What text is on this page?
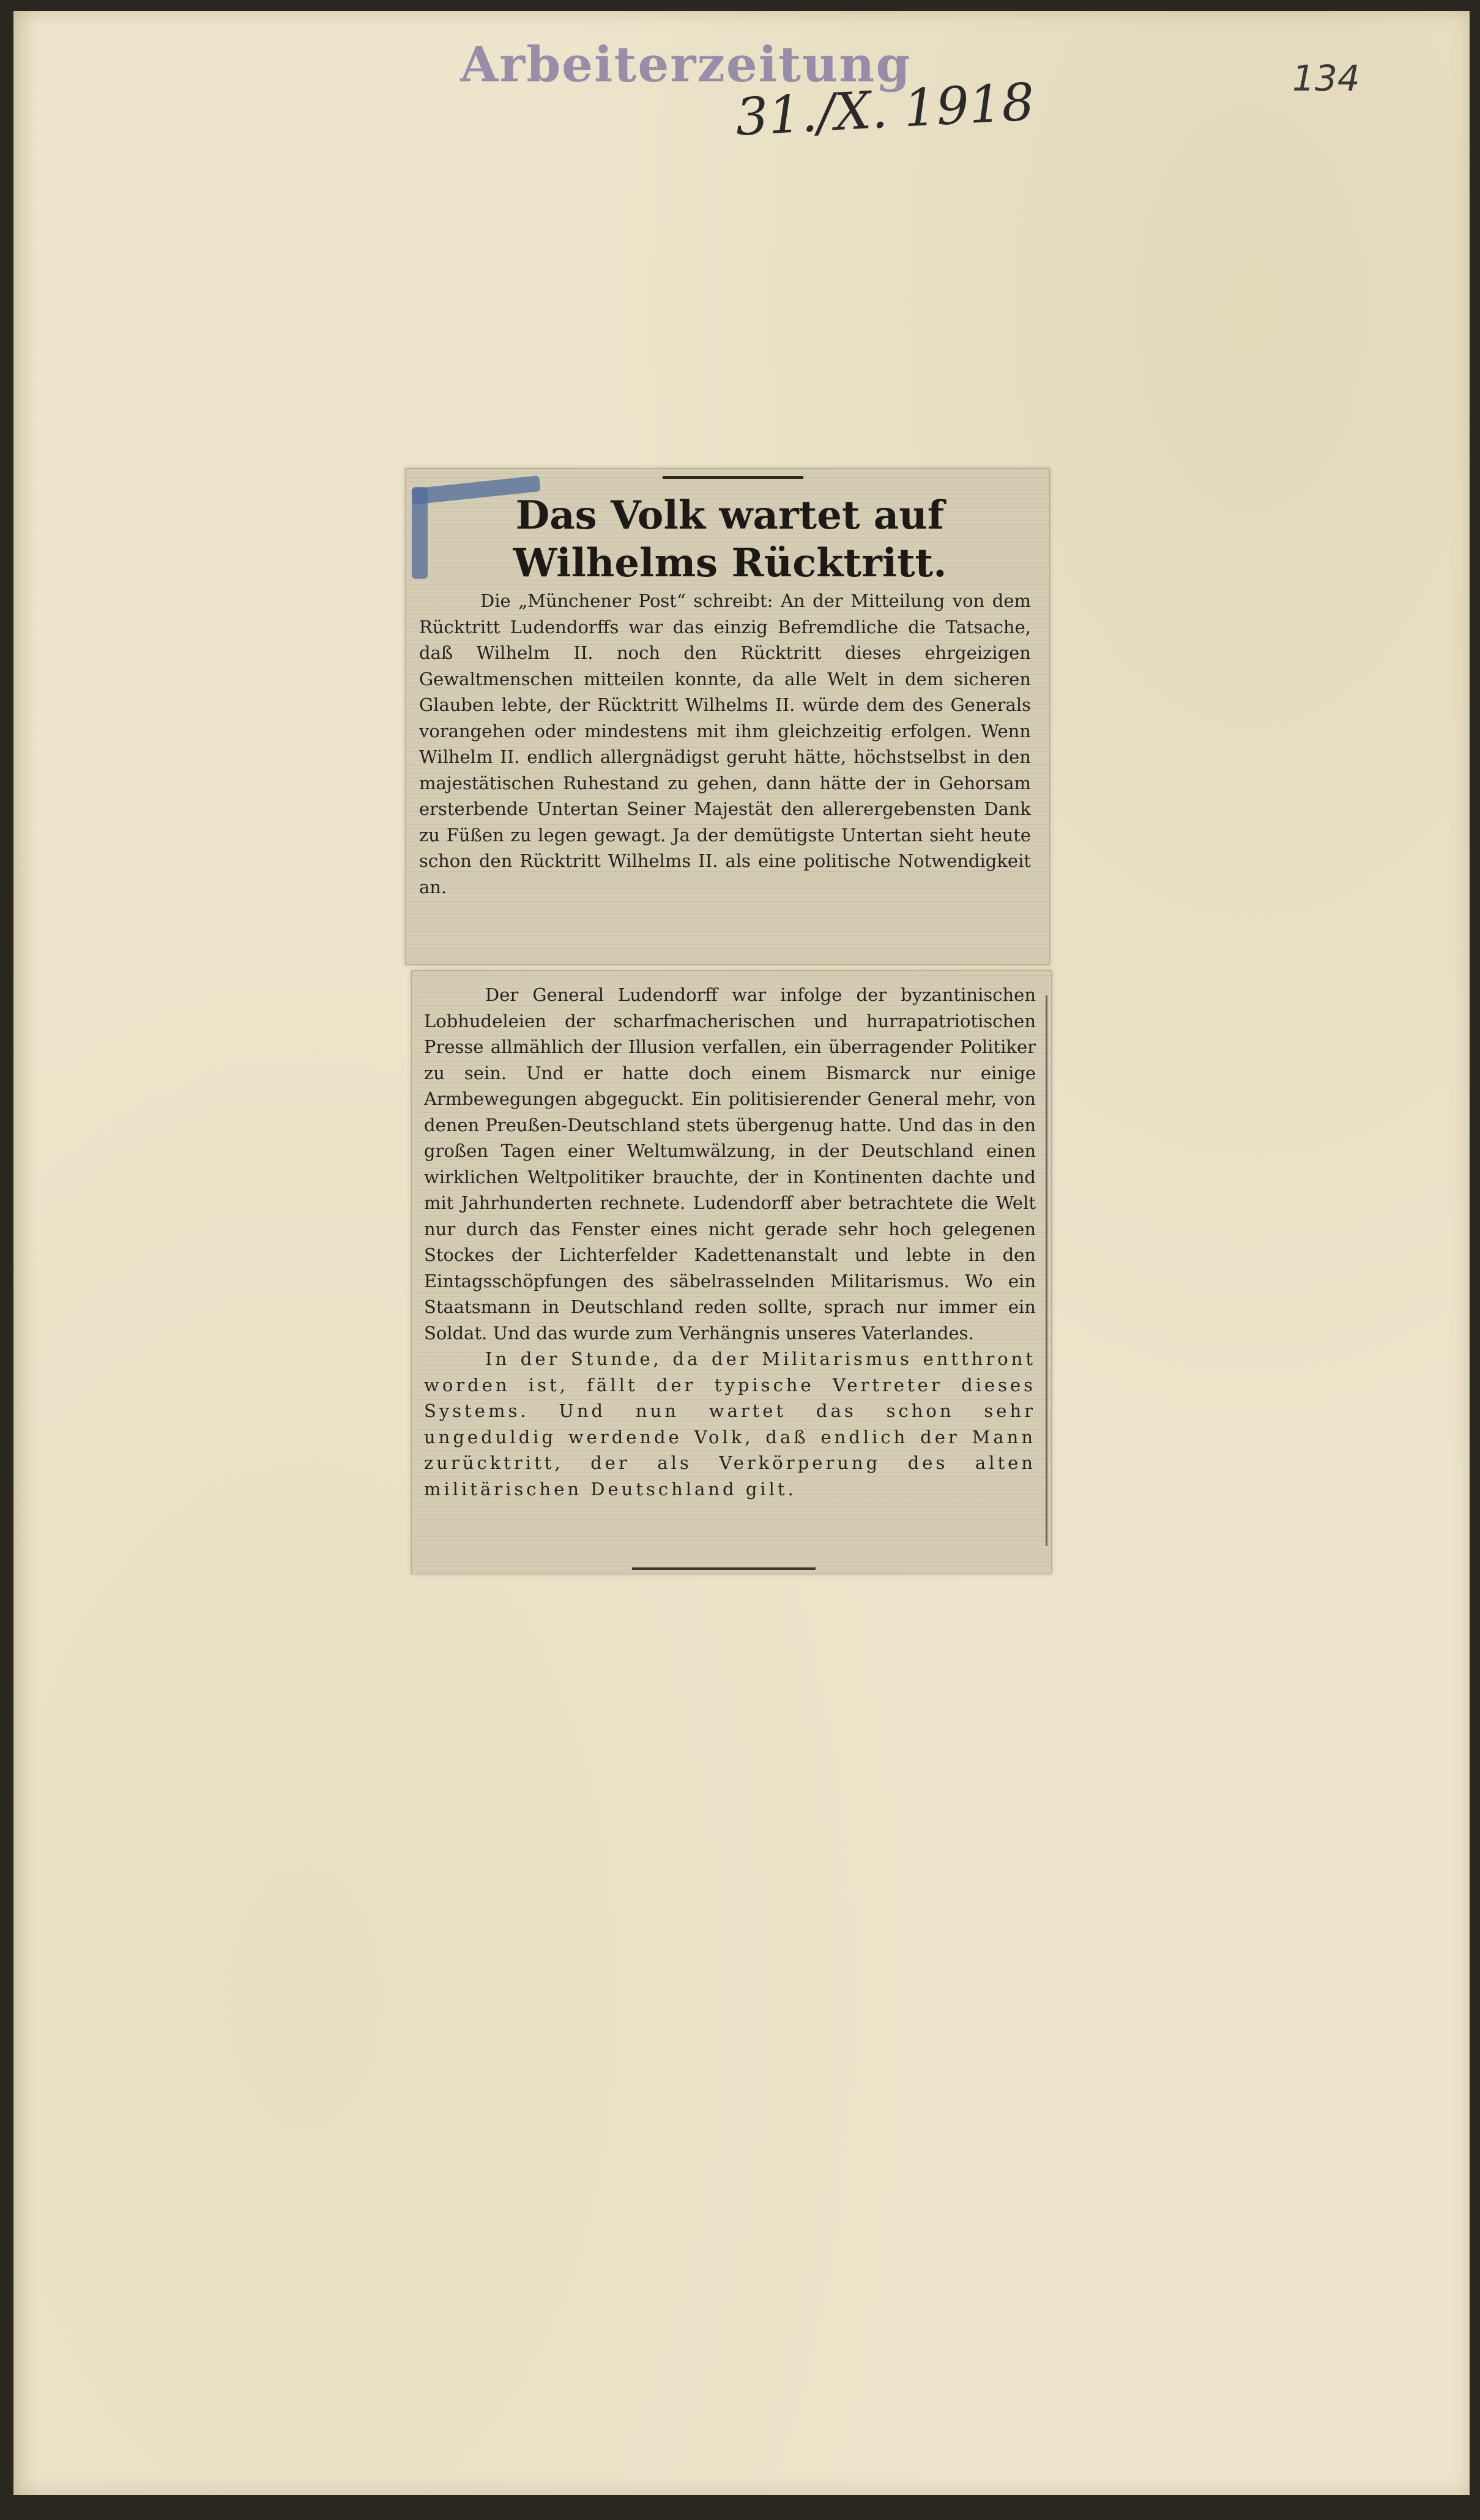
Arbeiterzeitung
31./X. 1918	134
Das Volk wartet auf Wilhelms Rücktritt.
Die „Münchener Post“ schreibt: An der Mitteilung von dem Rücktritt Ludendorffs war das einzig Befremdliche die Tatsache, daß Wilhelm II. noch den Rücktritt dieses ehrgeizigen Gewaltmenschen mitteilen konnte, da alle Welt in dem sicheren Glauben lebte, der Rücktritt Wilhelms II. würde dem des Generals vorangehen oder mindestens mit ihm gleichzeitig erfolgen. Wenn Wilhelm II. endlich allergnädigst geruht hätte, höchstselbst in den majestätischen Ruhestand zu gehen, dann hätte der in Gehorsam ersterbende Untertan Seiner Majestät den allerergebensten Dank zu Füßen zu legen gewagt. Ja der demütigste Untertan sieht heute schon den Rücktritt Wilhelms II. als eine politische Notwendigkeit an.

Der General Ludendorff war infolge der byzantinischen Lobhudeleien der scharfmacherischen und hurrapatriotischen Presse allmählich der Illusion verfallen, ein überragender Politiker zu sein. Und er hatte doch einem Bismarck nur einige Armbewegungen abgeguckt. Ein politisierender General mehr, von denen Preußen-Deutschland stets übergenug hatte. Und das in den großen Tagen einer Weltumwälzung, in der Deutschland einen wirklichen Weltpolitiker brauchte, der in Kontinenten dachte und mit Jahrhunderten rechnete. Ludendorff aber betrachtete die Welt nur durch das Fenster eines nicht gerade sehr hoch gelegenen Stockes der Lichterfelder Kadettenanstalt und lebte in den Eintagsschöpfungen des säbelrasselnden Militarismus. Wo ein Staatsmann in Deutschland reden sollte, sprach nur immer ein Soldat. Und das wurde zum Verhängnis unseres Vaterlandes.

In der Stunde, da der Militarismus entthront worden ist, fällt der typische Vertreter dieses Systems. Und nun wartet das schon sehr ungeduldig werdende Volk, daß endlich der Mann zurücktritt, der als Verkörperung des alten militärischen Deutschland gilt.
